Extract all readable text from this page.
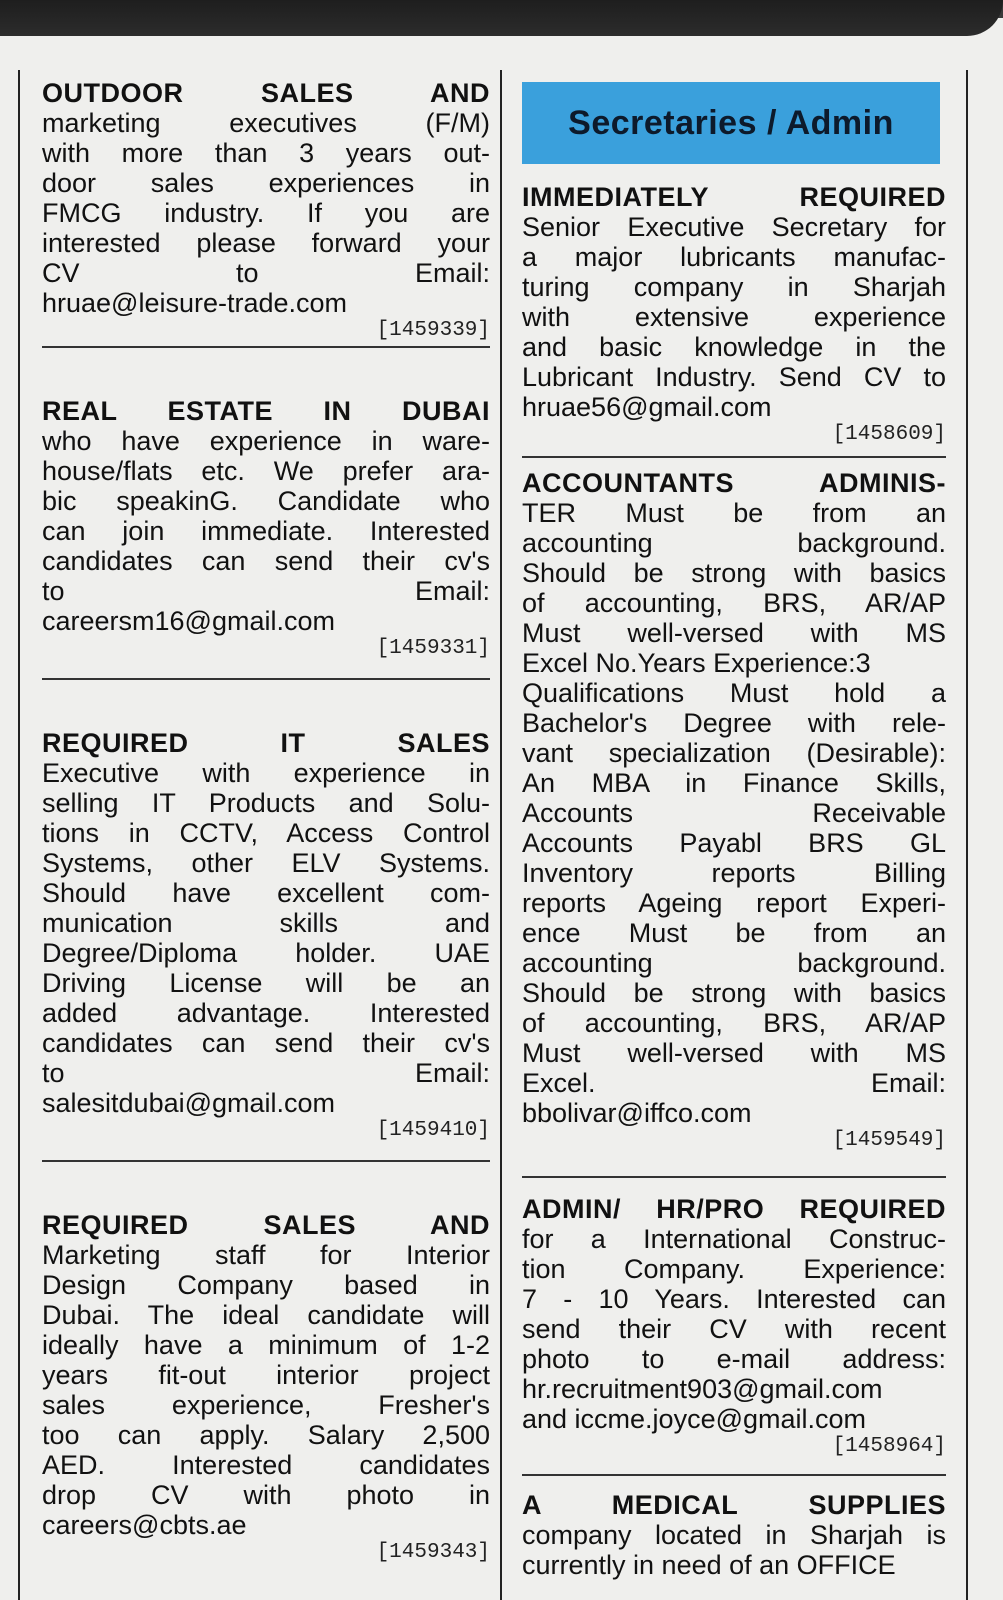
OUTDOOR SALES AND
marketing executives (F/M)
with more than 3 years out-
door sales experiences in
FMCG industry. If you are
interested please forward your
CV to Email:
hruae@leisure-trade.com
[1459339]
REAL ESTATE IN DUBAI
who have experience in ware-
house/flats etc. We prefer ara-
bic speakinG. Candidate who
can join immediate. Interested
candidates can send their cv's
to Email:
careersm16@gmail.com
[1459331]
REQUIRED IT SALES
Executive with experience in
selling IT Products and Solu-
tions in CCTV, Access Control
Systems, other ELV Systems.
Should have excellent com-
munication skills and
Degree/Diploma holder. UAE
Driving License will be an
added advantage. Interested
candidates can send their cv's
to Email:
salesitdubai@gmail.com
[1459410]
REQUIRED SALES AND
Marketing staff for Interior
Design Company based in
Dubai. The ideal candidate will
ideally have a minimum of 1-2
years fit-out interior project
sales experience, Fresher's
too can apply. Salary 2,500
AED. Interested candidates
drop CV with photo in
careers@cbts.ae
[1459343]
Secretaries / Admin
IMMEDIATELY REQUIRED
Senior Executive Secretary for
a major lubricants manufac-
turing company in Sharjah
with extensive experience
and basic knowledge in the
Lubricant Industry. Send CV to
hruae56@gmail.com
[1458609]
ACCOUNTANTS ADMINIS-
TER Must be from an
accounting background.
Should be strong with basics
of accounting, BRS, AR/AP
Must well-versed with MS
Excel No.Years Experience:3
Qualifications Must hold a
Bachelor's Degree with rele-
vant specialization (Desirable):
An MBA in Finance Skills,
Accounts Receivable
Accounts Payabl BRS GL
Inventory reports Billing
reports Ageing report Experi-
ence Must be from an
accounting background.
Should be strong with basics
of accounting, BRS, AR/AP
Must well-versed with MS
Excel. Email:
bbolivar@iffco.com
[1459549]
ADMIN/ HR/PRO REQUIRED
for a International Construc-
tion Company. Experience:
7 - 10 Years. Interested can
send their CV with recent
photo to e-mail address:
hr.recruitment903@gmail.com
and iccme.joyce@gmail.com
[1458964]
A MEDICAL SUPPLIES
company located in Sharjah is
currently in need of an OFFICE
